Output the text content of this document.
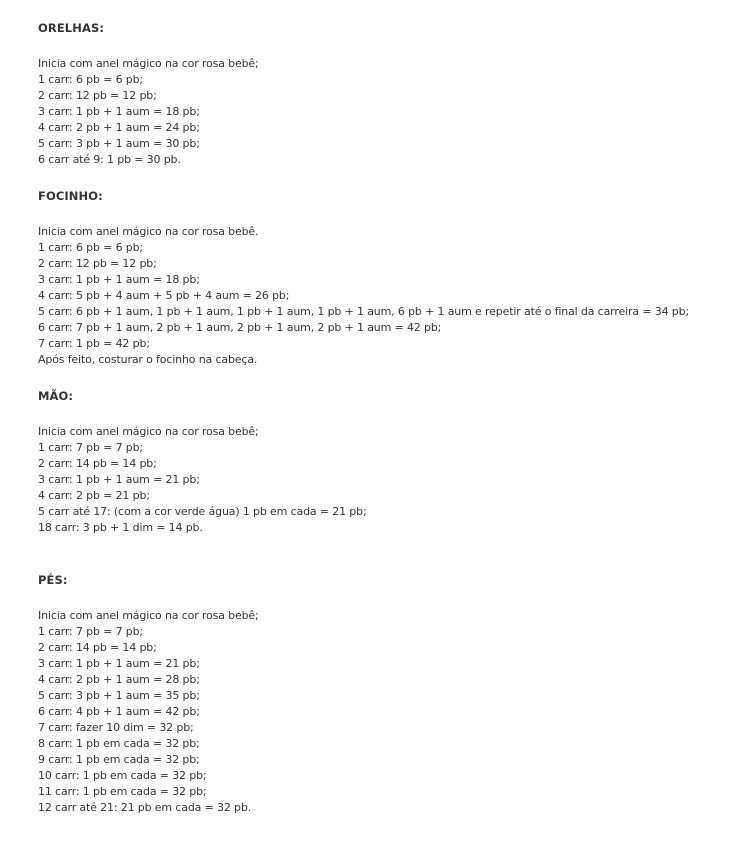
ORELHAS:
Inicia com anel mágico na cor rosa bebê;
1 carr: 6 pb = 6 pb;
2 carr: 12 pb = 12 pb;
3 carr: 1 pb + 1 aum = 18 pb;
4 carr: 2 pb + 1 aum = 24 pb;
5 carr: 3 pb + 1 aum = 30 pb;
6 carr até 9: 1 pb = 30 pb.
FOCINHO:
Inicia com anel mágico na cor rosa bebê.
1 carr: 6 pb = 6 pb;
2 carr: 12 pb = 12 pb;
3 carr: 1 pb + 1 aum = 18 pb;
4 carr: 5 pb + 4 aum + 5 pb + 4 aum = 26 pb;
5 carr: 6 pb + 1 aum, 1 pb + 1 aum, 1 pb + 1 aum, 1 pb + 1 aum, 6 pb + 1 aum e repetir até o final da carreira = 34 pb;
6 carr: 7 pb + 1 aum, 2 pb + 1 aum, 2 pb + 1 aum, 2 pb + 1 aum = 42 pb;
7 carr: 1 pb = 42 pb;
Após feito, costurar o focinho na cabeça.
MÃO:
Inicia com anel mágico na cor rosa bebê;
1 carr: 7 pb = 7 pb;
2 carr: 14 pb = 14 pb;
3 carr: 1 pb + 1 aum = 21 pb;
4 carr: 2 pb = 21 pb;
5 carr até 17: (com a cor verde água) 1 pb em cada = 21 pb;
18 carr: 3 pb + 1 dim = 14 pb.
PÉS:
Inicia com anel mágico na cor rosa bebê;
1 carr: 7 pb = 7 pb;
2 carr: 14 pb = 14 pb;
3 carr: 1 pb + 1 aum = 21 pb;
4 carr: 2 pb + 1 aum = 28 pb;
5 carr: 3 pb + 1 aum = 35 pb;
6 carr: 4 pb + 1 aum = 42 pb;
7 carr: fazer 10 dim = 32 pb;
8 carr: 1 pb em cada = 32 pb;
9 carr: 1 pb em cada = 32 pb;
10 carr: 1 pb em cada = 32 pb;
11 carr: 1 pb em cada = 32 pb;
12 carr até 21: 21 pb em cada = 32 pb.
